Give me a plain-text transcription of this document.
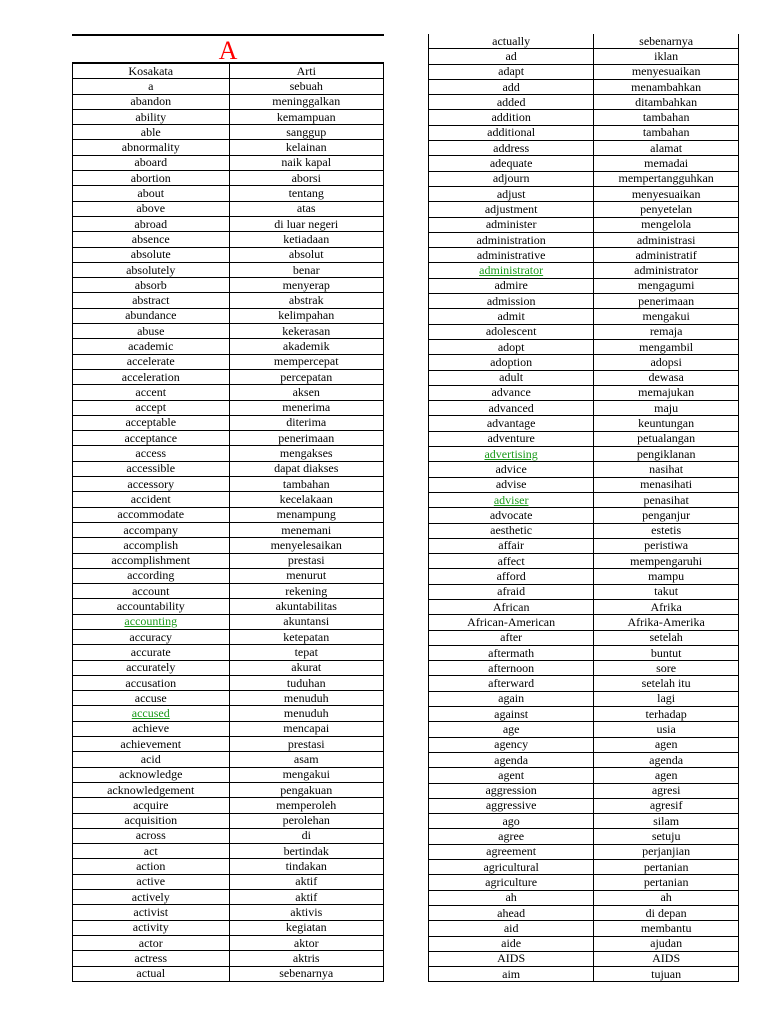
A
Kosakata	Arti
a	sebuah
abandon	meninggalkan
ability	kemampuan
able	sanggup
abnormality	kelainan
aboard	naik kapal
abortion	aborsi
about	tentang
above	atas
abroad	di luar negeri
absence	ketiadaan
absolute	absolut
absolutely	benar
absorb	menyerap
abstract	abstrak
abundance	kelimpahan
abuse	kekerasan
academic	akademik
accelerate	mempercepat
acceleration	percepatan
accent	aksen
accept	menerima
acceptable	diterima
acceptance	penerimaan
access	mengakses
accessible	dapat diakses
accessory	tambahan
accident	kecelakaan
accommodate	menampung
accompany	menemani
accomplish	menyelesaikan
accomplishment	prestasi
according	menurut
account	rekening
accountability	akuntabilitas
accounting	akuntansi
accuracy	ketepatan
accurate	tepat
accurately	akurat
accusation	tuduhan
accuse	menuduh
accused	menuduh
achieve	mencapai
achievement	prestasi
acid	asam
acknowledge	mengakui
acknowledgement	pengakuan
acquire	memperoleh
acquisition	perolehan
across	di
act	bertindak
action	tindakan
active	aktif
actively	aktif
activist	aktivis
activity	kegiatan
actor	aktor
actress	aktris
actual	sebenarnya
actually	sebenarnya
ad	iklan
adapt	menyesuaikan
add	menambahkan
added	ditambahkan
addition	tambahan
additional	tambahan
address	alamat
adequate	memadai
adjourn	mempertangguhkan
adjust	menyesuaikan
adjustment	penyetelan
administer	mengelola
administration	administrasi
administrative	administratif
administrator	administrator
admire	mengagumi
admission	penerimaan
admit	mengakui
adolescent	remaja
adopt	mengambil
adoption	adopsi
adult	dewasa
advance	memajukan
advanced	maju
advantage	keuntungan
adventure	petualangan
advertising	pengiklanan
advice	nasihat
advise	menasihati
adviser	penasihat
advocate	penganjur
aesthetic	estetis
affair	peristiwa
affect	mempengaruhi
afford	mampu
afraid	takut
African	Afrika
African-American	Afrika-Amerika
after	setelah
aftermath	buntut
afternoon	sore
afterward	setelah itu
again	lagi
against	terhadap
age	usia
agency	agen
agenda	agenda
agent	agen
aggression	agresi
aggressive	agresif
ago	silam
agree	setuju
agreement	perjanjian
agricultural	pertanian
agriculture	pertanian
ah	ah
ahead	di depan
aid	membantu
aide	ajudan
AIDS	AIDS
aim	tujuan
